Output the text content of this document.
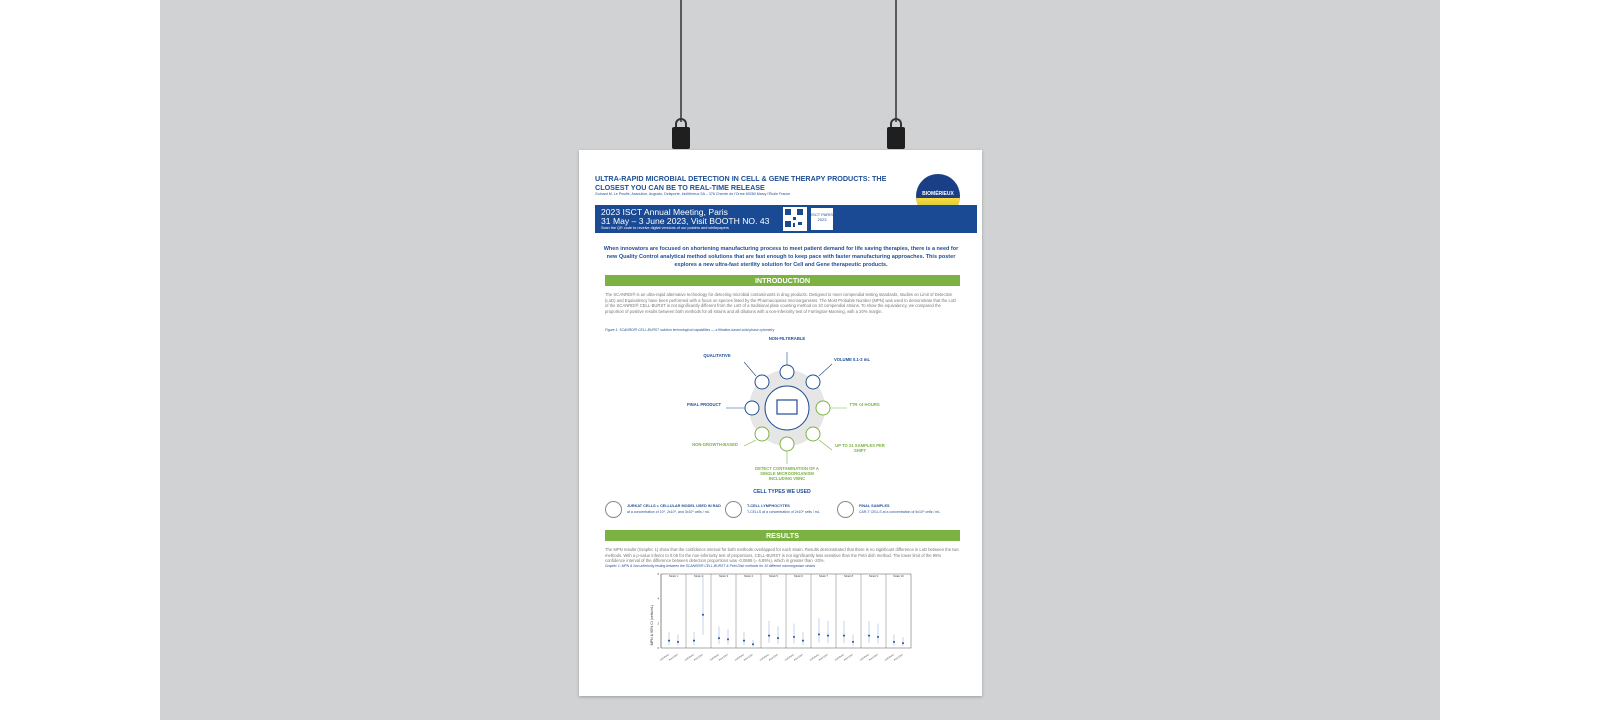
ULTRA-RAPID MICROBIAL DETECTION IN CELL & GENE THERAPY PRODUCTS: THE CLOSEST YOU CAN BE TO REAL-TIME RELEASE
Guinard M, Le Pioufle, Assouline, Augusto, Delaporte, bioMérieux SA – 376 Chemin de l'Orme 69280 Marcy l'Étoile France	BIOMÉRIEUX
2023 ISCT Annual Meeting, Paris
31 May – 3 June 2023, Visit BOOTH NO. 43
Scan the QR code to receive digital versions of our posters and whitepapers
ISCT PARIS 2023
When innovators are focused on shortening manufacturing process to meet patient demand for life saving therapies, there is a need for new Quality Control analytical method solutions that are fast enough to keep pace with faster manufacturing approaches. This poster explores a new ultra-fast sterility solution for Cell and Gene therapeutic products.
INTRODUCTION
The SCANRDI® is an ultra-rapid alternative technology for detecting microbial contaminants in drug products. Designed to meet compendial testing standards, studies on Limit of Detection (LoD) and Equivalency have been performed with a focus on species listed by the Pharmacopeias microorganisms. The Most Probable Number (MPN) was used to demonstrate that the LoD of the SCANRDI® CELL-BURST is not significantly different from the LoD of a traditional plate counting method on 10 compendial strains. To show the equivalency, we compared the proportion of positive results between both methods for all strains and all dilutions with a non-inferiority test of Farrington-Manning, with a 20% margin.
Figure 1: SCANRDI® CELL-BURST solution technological capabilities — a filtration-based solid phase cytometry
NON-FILTERABLE
QUALITATIVE
VOLUME 0.1-2 mL
FINAL PRODUCT	TTR <4 HOURS
NON-GROWTH-BASED	UP TO 21 SAMPLES PER SHIFT
DETECT CONTAMINATION OF A SINGLE MICROORGANISM INCLUDING VBNC
CELL TYPES WE USED
JURKAT CELLS = CELLULAR MODEL USED IN R&D
at a concentration of 10⁵, 2x10⁵, and 3x10⁵ cells / mL
T-CELL LYMPHOCYTES
T-CELLS at a concentration of 2x10⁵ cells / mL
FINAL SAMPLES
CAR-T CELLS at a concentration of 5x10⁵ cells / mL
RESULTS
The MPN results (Graphic 1) show that the confidence interval for both methods overlapped for each strain. Results demonstrated that there is no significant difference in LoD between the two methods. With a p-value inferior to 0.05 for the non-inferiority test of proportions, CELL-BURST is not significantly less sensitive than the Petri dish method. The lower limit of the 95% confidence interval of the difference between detection proportions was -0.0689 (= 6.89%), which is greater than -20%.
Graphic 1: MPN & Non-inferiority testing between the SCANRDI® CELL-BURST & Petri Dish methods for 10 different microorganism strains
MPN & 95% CI (cells/mL)
Strain 1
Cell-Burst
Petri Dish
Strain 2
Cell-Burst
Petri Dish
Strain 3
Cell-Burst
Petri Dish
Strain 4
Cell-Burst
Petri Dish
Strain 5
Cell-Burst
Petri Dish
Strain 6
Cell-Burst
Petri Dish
Strain 7
Cell-Burst
Petri Dish
Strain 8
Cell-Burst
Petri Dish
Strain 9
Cell-Burst
Petri Dish
Strain 10
Cell-Burst
Petri Dish
0
2
4
6
